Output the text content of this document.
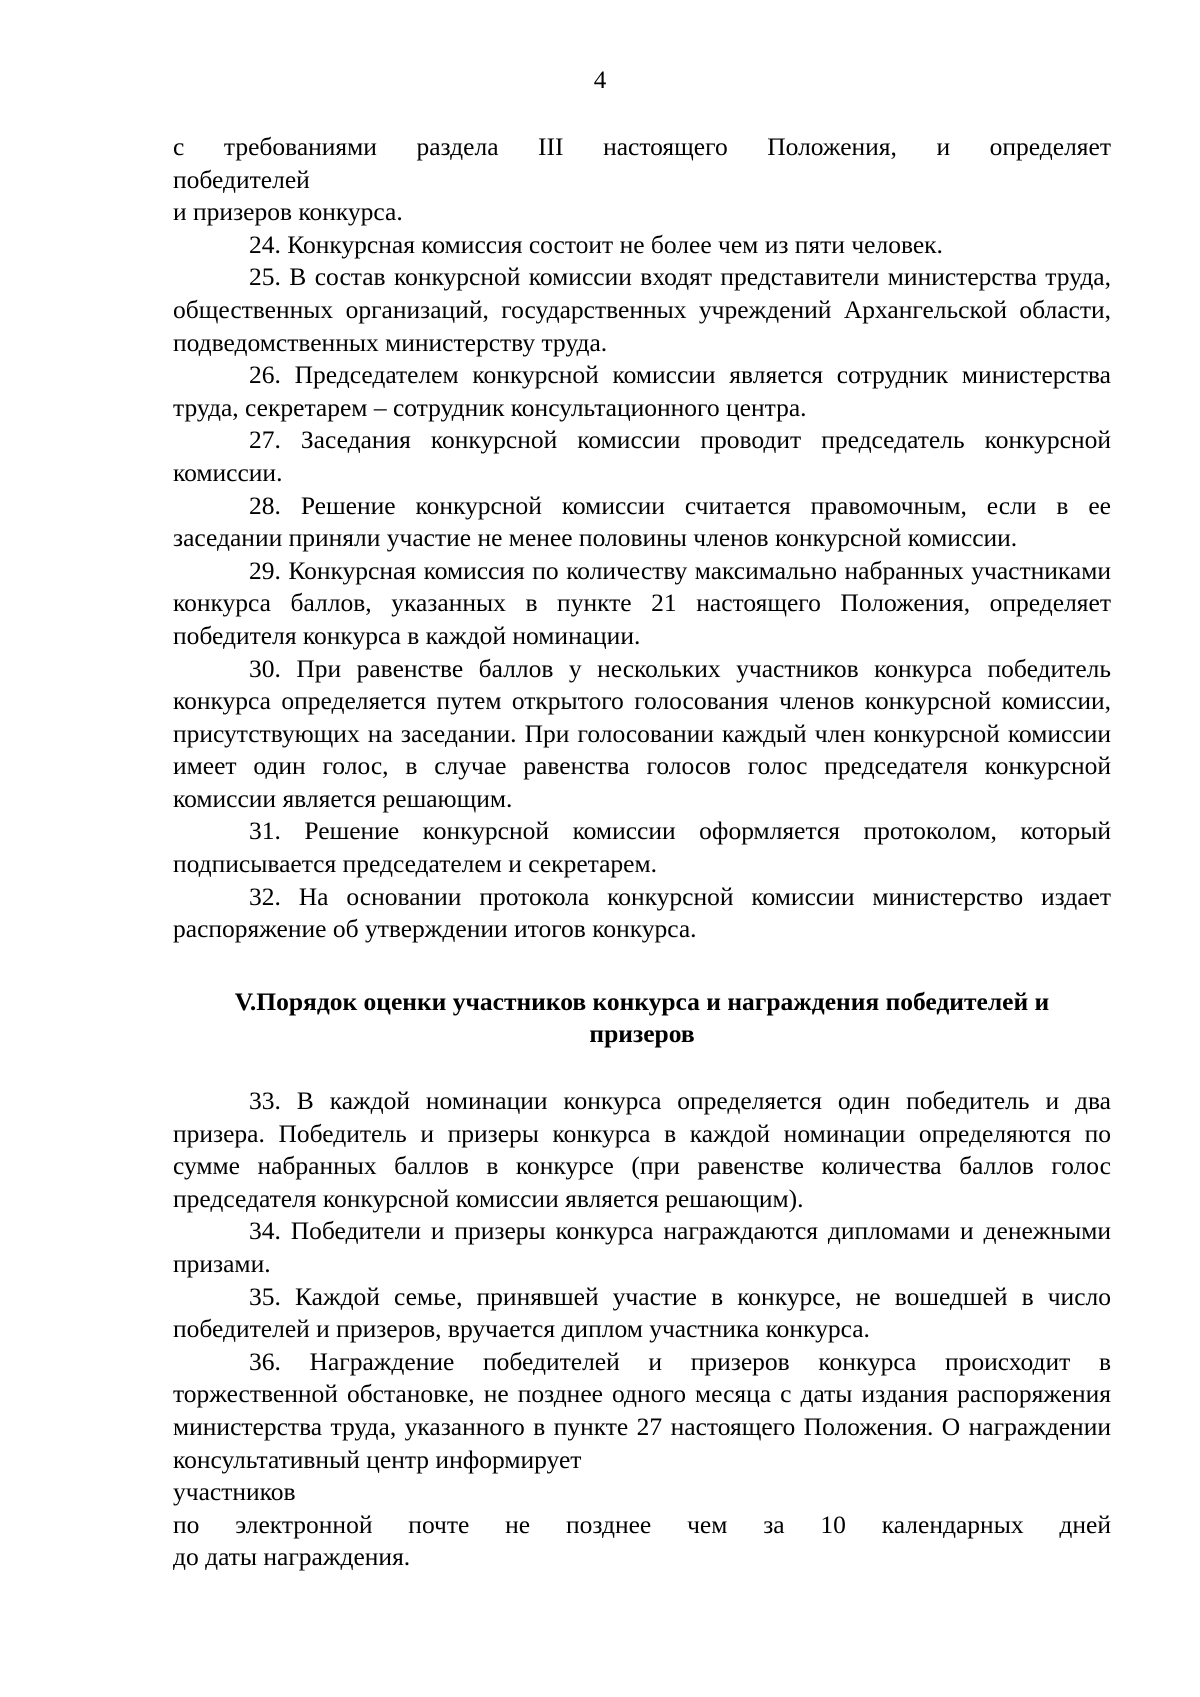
4
с требованиями раздела III настоящего Положения, и определяет
победителей
и призеров конкурса.

24. Конкурсная комиссия состоит не более чем из пяти человек.

25. В состав конкурсной комиссии входят представители министерства труда, общественных организаций, государственных учреждений Архангельской области, подведомственных министерству труда.

26. Председателем конкурсной комиссии является сотрудник министерства труда, секретарем – сотрудник консультационного центра.

27. Заседания конкурсной комиссии проводит председатель конкурсной комиссии.

28. Решение конкурсной комиссии считается правомочным, если в ее заседании приняли участие не менее половины членов конкурсной комиссии.

29. Конкурсная комиссия по количеству максимально набранных участниками конкурса баллов, указанных в пункте 21 настоящего Положения, определяет победителя конкурса в каждой номинации.

30. При равенстве баллов у нескольких участников конкурса победитель конкурса определяется путем открытого голосования членов конкурсной комиссии, присутствующих на заседании. При голосовании каждый член конкурсной комиссии имеет один голос, в случае равенства голосов голос председателя конкурсной комиссии является решающим.

31. Решение конкурсной комиссии оформляется протоколом, который подписывается председателем и секретарем.

32. На основании протокола конкурсной комиссии министерство издает распоряжение об утверждении итогов конкурса.

V.Порядок оценки участников конкурса и награждения победителей и призеров

33. В каждой номинации конкурса определяется один победитель и два призера. Победитель и призеры конкурса в каждой номинации определяются по сумме набранных баллов в конкурсе (при равенстве количества баллов голос председателя конкурсной комиссии является решающим).

34. Победители и призеры конкурса награждаются дипломами и денежными призами.

35. Каждой семье, принявшей участие в конкурсе, не вошедшей в число победителей и призеров, вручается диплом участника конкурса.

36. Награждение победителей и призеров конкурса происходит в торжественной обстановке, не позднее одного месяца с даты издания распоряжения министерства труда, указанного в пункте 27 настоящего Положения. О награждении консультативный центр информирует
участников
по электронной почте не позднее чем за 10 календарных дней
до даты награждения.
